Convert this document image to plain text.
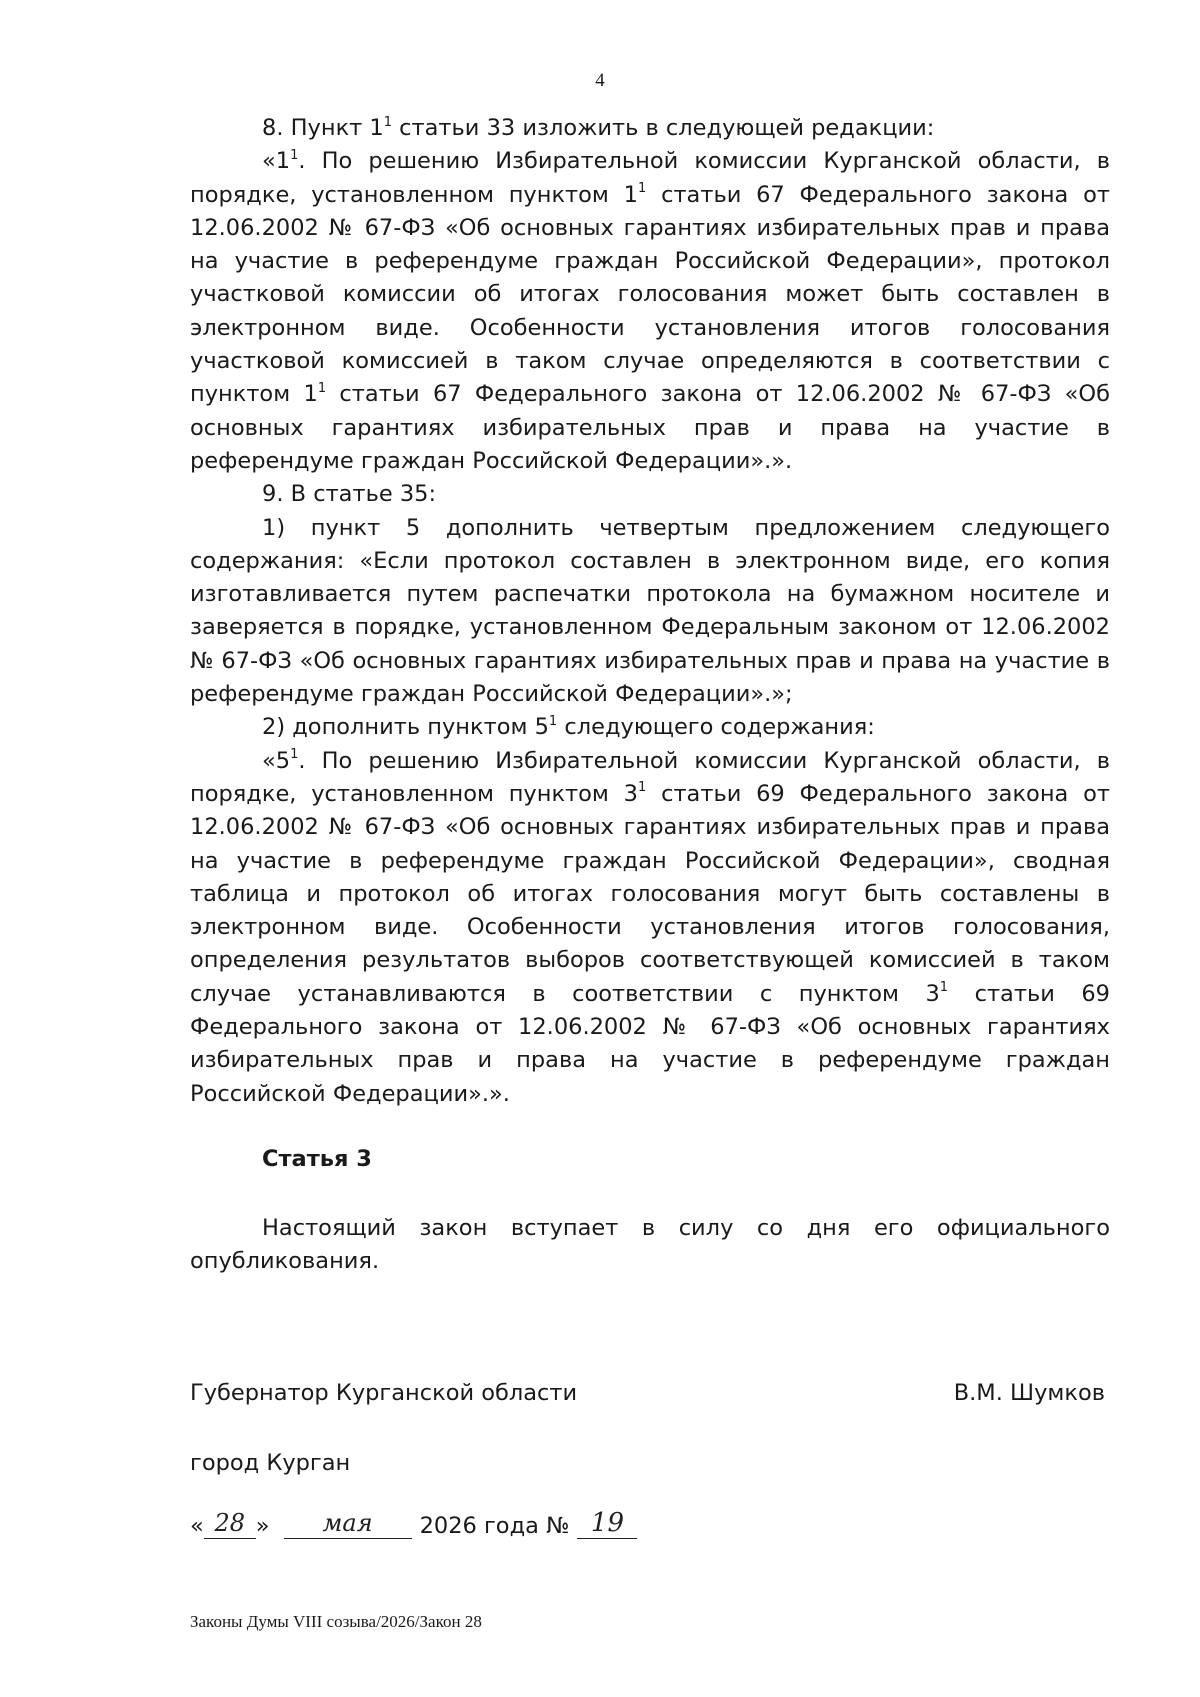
4

8. Пункт $1^1$ статьи 33 изложить в следующей редакции:

«$1^1$. По решению Избирательной комиссии Курганской области, в порядке, установленном пунктом $1^1$ статьи 67 Федерального закона от 12.06.2002 № 67-ФЗ «Об основных гарантиях избирательных прав и права на участие в референдуме граждан Российской Федерации», протокол участковой комиссии об итогах голосования может быть составлен в электронном виде. Особенности установления итогов голосования участковой комиссией в таком случае определяются в соответствии с пунктом $1^1$ статьи 67 Федерального закона от 12.06.2002 № 67-ФЗ «Об основных гарантиях избирательных прав и права на участие в референдуме граждан Российской Федерации».».

9. В статье 35:

1) пункт 5 дополнить четвертым предложением следующего содержания: «Если протокол составлен в электронном виде, его копия изготавливается путем распечатки протокола на бумажном носителе и заверяется в порядке, установленном Федеральным законом от 12.06.2002 № 67-ФЗ «Об основных гарантиях избирательных прав и права на участие в референдуме граждан Российской Федерации».»;

2) дополнить пунктом $5^1$ следующего содержания:

«$5^1$. По решению Избирательной комиссии Курганской области, в порядке, установленном пунктом $3^1$ статьи 69 Федерального закона от 12.06.2002 № 67-ФЗ «Об основных гарантиях избирательных прав и права на участие в референдуме граждан Российской Федерации», сводная таблица и протокол об итогах голосования могут быть составлены в электронном виде. Особенности установления итогов голосования, определения результатов выборов соответствующей комиссией в таком случае устанавливаются в соответствии с пунктом $3^1$ статьи 69 Федерального закона от 12.06.2002 № 67-ФЗ «Об основных гарантиях избирательных прав и права на участие в референдуме граждан Российской Федерации».».

Статья 3
Настоящий закон вступает в силу со дня его официального опубликования.
Губернатор Курганской области	В.М. Шумков
город Курган
« 28 »	мая	2026 года № 19
Законы Думы VIII созыва/2026/Закон 28
